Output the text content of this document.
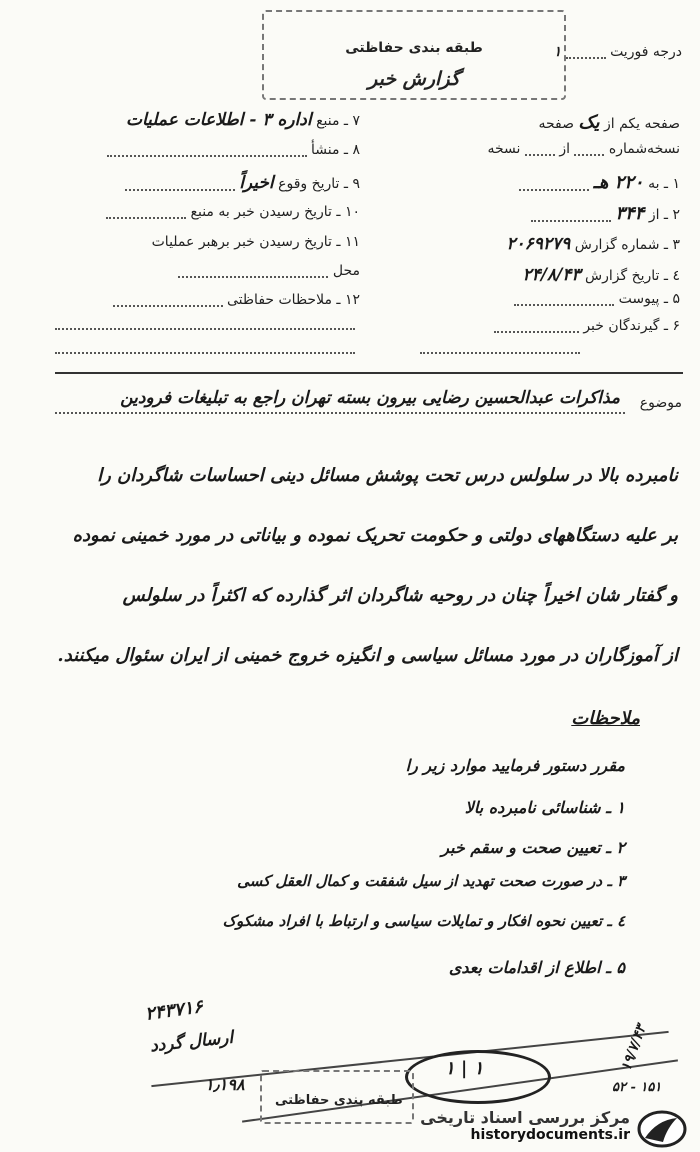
طبقه بندی حفاظتی
گزارش خبر
درجه فوریت  ۱
صفحه یکم از یک صفحه
نسخه‌شماره  از  نسخه
۱ ـ به ۲۲۰ هـ
۲ ـ از ۳۴۴
۳ ـ شماره گزارش ۲۰۶۹۲۷۹
٤ ـ تاریخ گزارش ۲۴/۸/۴۳
۵ ـ پیوست
۶ ـ گیرندگان خبر
۷ ـ منبع اداره ۳ - اطلاعات عملیات
۸ ـ منشأ
۹ ـ تاریخ وقوع اخیراً
۱۰ ـ تاریخ رسیدن خبر به منبع
۱۱ ـ تاریخ رسیدن خبر برهبر عملیات
محل
۱۲ ـ ملاحظات حفاظتی
موضوع
مذاکرات عبدالحسین رضایی بیرون بسته تهران راجع به تبلیغات فرودین
نامبرده بالا در سلولس درس تحت پوشش مسائل دینی احساسات شاگردان را
بر علیه دستگاههای دولتی و حکومت تحریک نموده و بیاناتی در مورد خمینی نموده
و گفتار شان اخیراً چنان در روحیه شاگردان اثر گذارده که اکثراً در سلولس
از آموزگاران در مورد مسائل سیاسی و انگیزه خروج خمینی از ایران سئوال میکنند.
ملاحظات
مقرر دستور فرمایید موارد زیر را
۱ ـ شناسائی نامبرده بالا
۲ ـ تعیین صحت و سقم خبر
۳ ـ در صورت صحت تهدید از سیل شفقت و کمال العقل کسی
٤ ـ تعیین نحوه افکار و تمایلات سیاسی و ارتباط با افراد مشکوک
۵ ـ اطلاع از اقدامات بعدی
۲۴۳۷۱۶
ارسال گردد
۱ | ۱	۱۹/۷/۴۳
۵۲ - ۱۵۱
۱٫۱۹۸
طبقه بندی حفاظتی
مرکز بررسی اسناد تاریخی
historydocuments.ir
